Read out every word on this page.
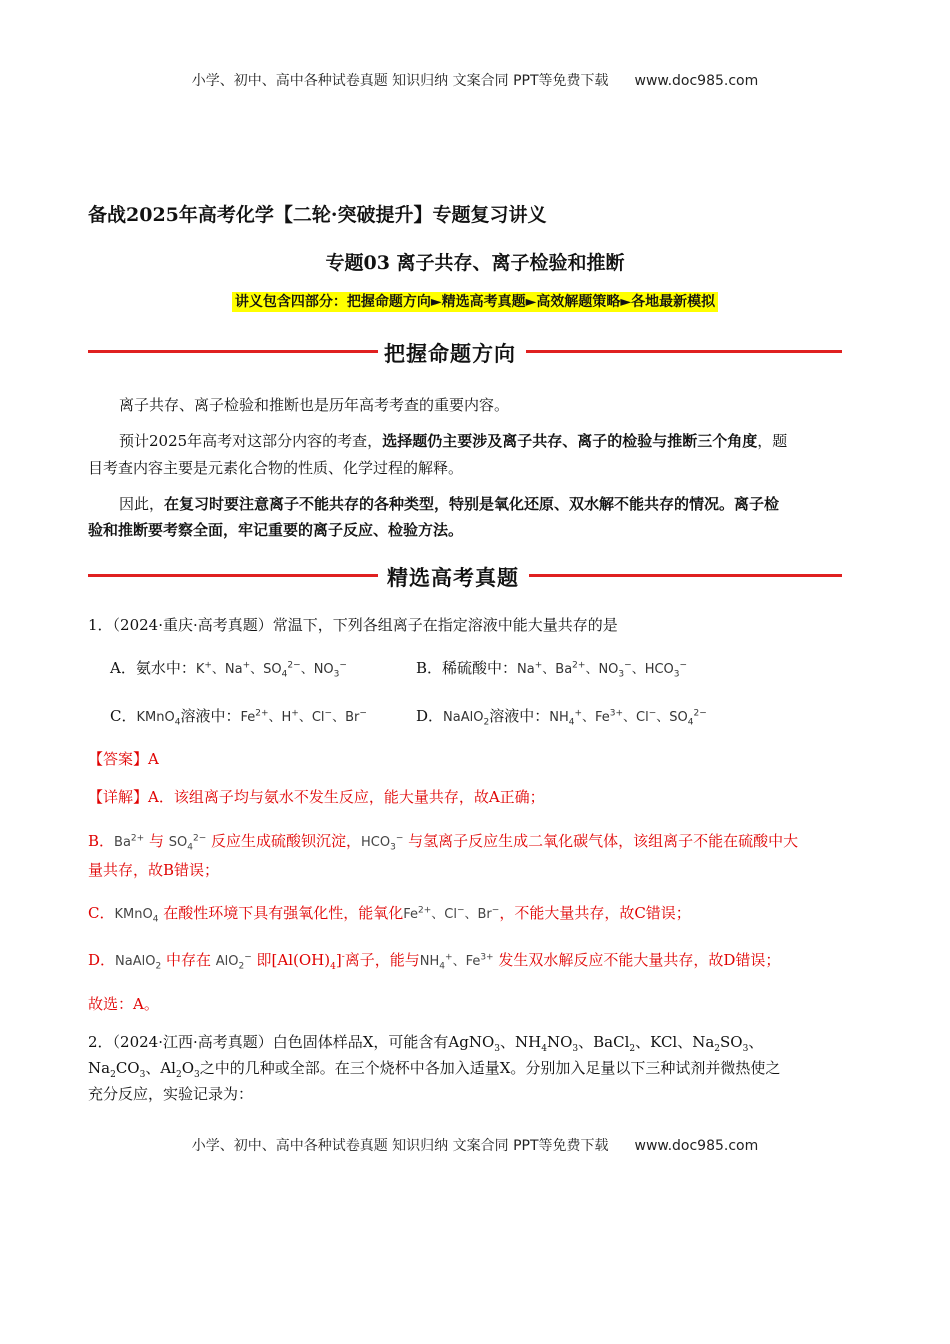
小学、初中、高中各种试卷真题 知识归纳 文案合同 PPT等免费下载 www.doc985.com
备战2025年高考化学【二轮·突破提升】专题复习讲义
专题03 离子共存、离子检验和推断
讲义包含四部分：把握命题方向►精选高考真题►高效解题策略►各地最新模拟
把握命题方向
离子共存、离子检验和推断也是历年高考考查的重要内容。
预计2025年高考对这部分内容的考查，选择题仍主要涉及离子共存、离子的检验与推断三个角度，题
目考查内容主要是元素化合物的性质、化学过程的解释。
因此，在复习时要注意离子不能共存的各种类型，特别是氧化还原、双水解不能共存的情况。离子检
验和推断要考察全面，牢记重要的离子反应、检验方法。
精选高考真题
1．（2024·重庆·高考真题）常温下，下列各组离子在指定溶液中能大量共存的是
A．氨水中：K+、Na+、$SO_4^{2-}$、$NO_3^-$	B．稀硫酸中：Na+、$Ba^{2+}$、$NO_3^-$、$HCO_3^-$
C．KMnO$_4$溶液中：$Fe^{2+}$、H+、Cl−、Br−	D．NaAlO$_2$溶液中：$NH_4^+$、$Fe^{3+}$、Cl−、$SO_4^{2-}$
【答案】A
【详解】A．该组离子均与氨水不发生反应，能大量共存，故A正确；
B．$Ba^{2+}$ 与 $SO_4^{2-}$ 反应生成硫酸钡沉淀，$HCO_3^-$ 与氢离子反应生成二氧化碳气体，该组离子不能在硫酸中大
量共存，故B错误；
C．KMnO$_4$ 在酸性环境下具有强氧化性，能氧化$Fe^{2+}$、Cl−、Br−，不能大量共存，故C错误；
D．NaAlO$_2$ 中存在 AlO$_2$− 即$[Al(OH)_4]^-$离子，能与$NH_4^+$、$Fe^{3+}$ 发生双水解反应不能大量共存，故D错误；
故选：A。
2．（2024·江西·高考真题）白色固体样品X，可能含有AgNO$_3$、$NH_4NO_3$、BaCl$_2$、KCl、$Na_2SO_3$、
$Na_2CO_3$、$Al_2O_3$之中的几种或全部。在三个烧杯中各加入适量X。分别加入足量以下三种试剂并微热使之
充分反应，实验记录为：
小学、初中、高中各种试卷真题 知识归纳 文案合同 PPT等免费下载 www.doc985.com
